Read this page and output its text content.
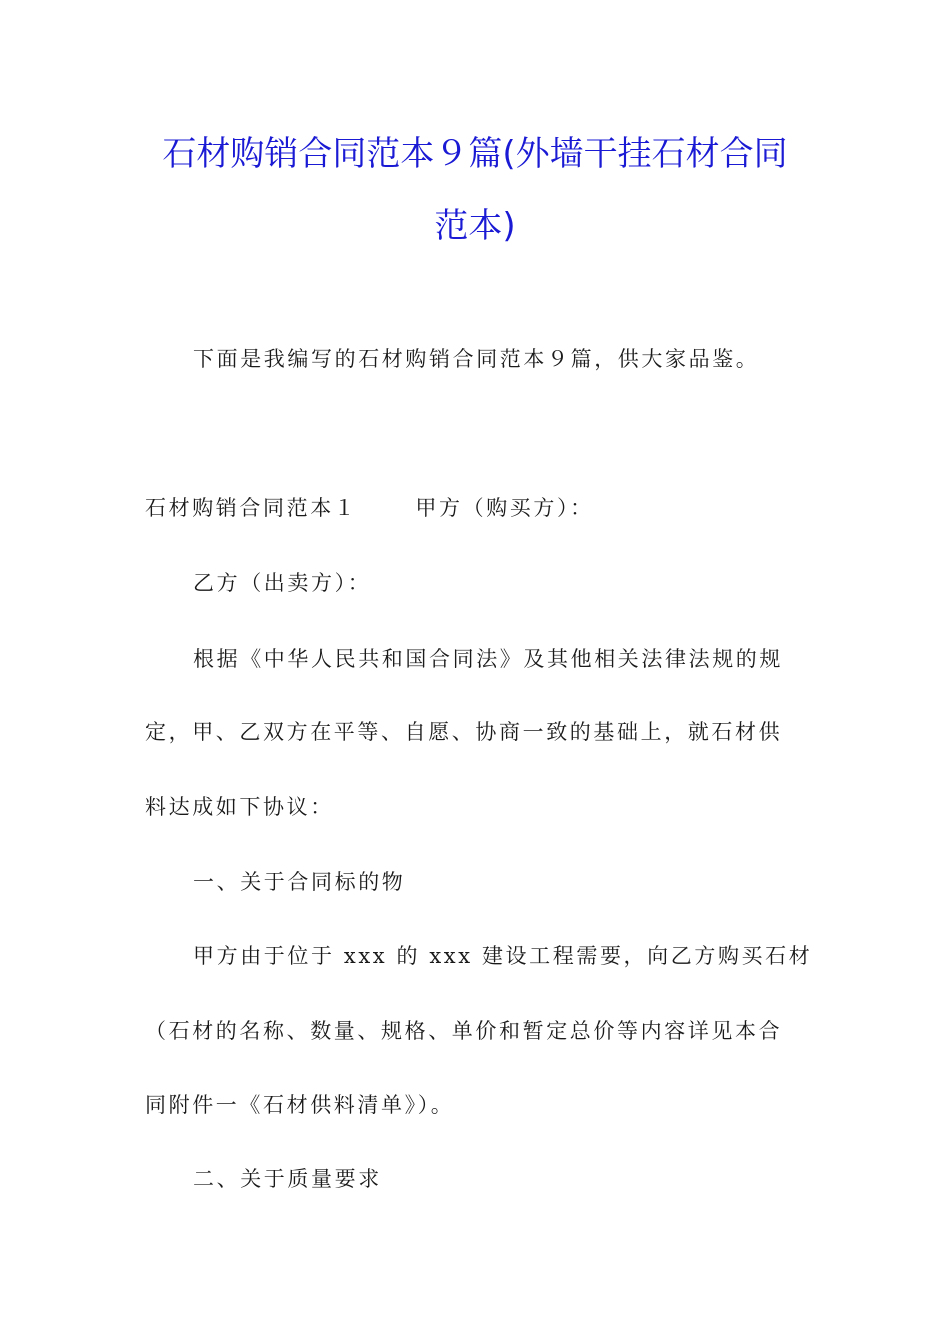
石材购销合同范本９篇(外墙干挂石材合同
范本)
下面是我编写的石材购销合同范本９篇，供大家品鉴。
石材购销合同范本１	甲方（购买方）：
乙方（出卖方）：
根据《中华人民共和国合同法》及其他相关法律法规的规
定，甲、乙双方在平等、自愿、协商一致的基础上，就石材供
料达成如下协议：
一、关于合同标的物
甲方由于位于 xxx 的 xxx 建设工程需要，向乙方购买石材
（石材的名称、数量、规格、单价和暂定总价等内容详见本合
同附件一《石材供料清单》）。
二、关于质量要求
